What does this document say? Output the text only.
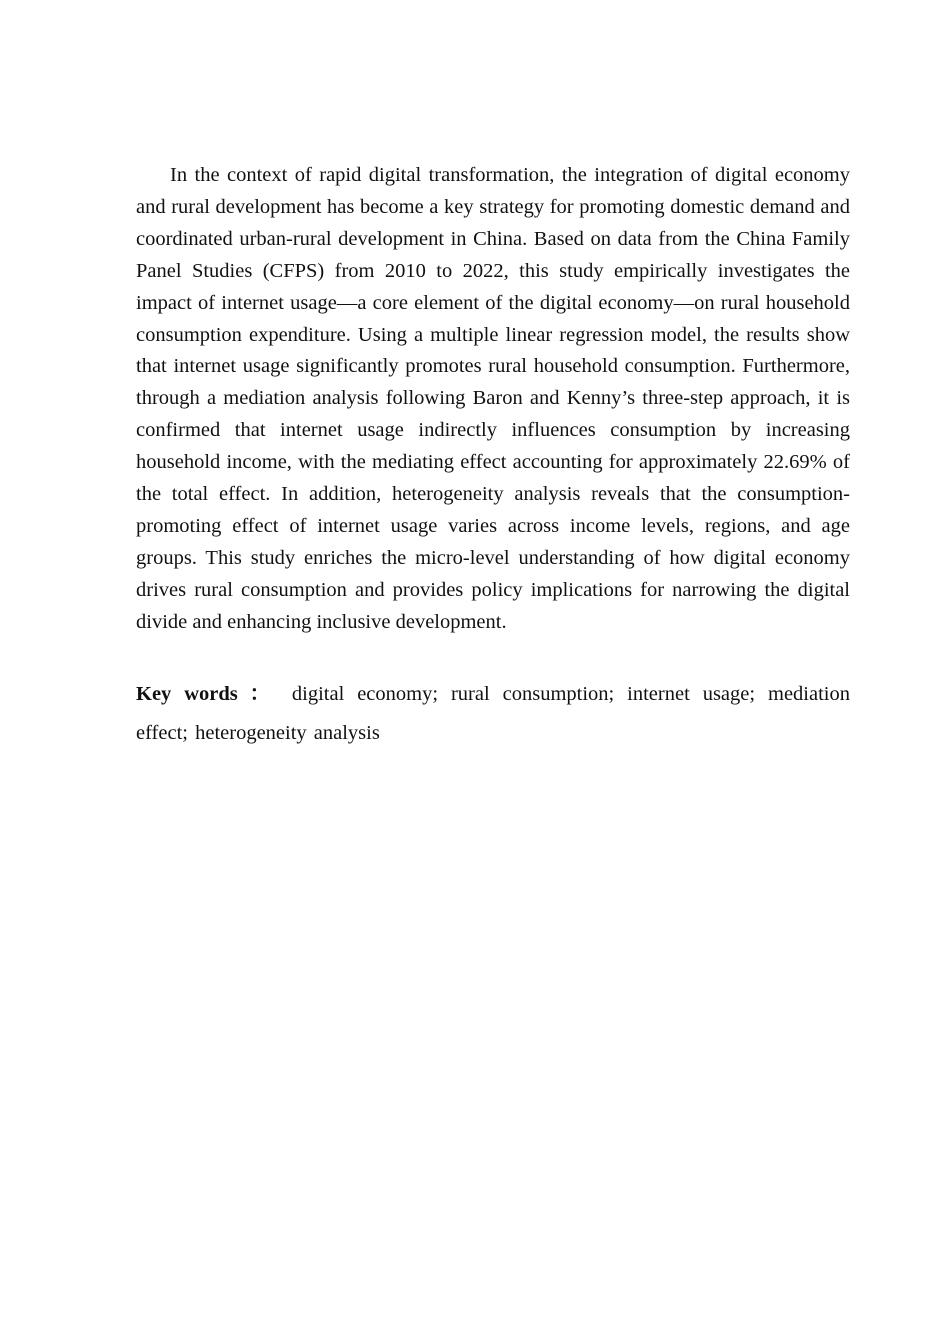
In the context of rapid digital transformation, the integration of digital economy and rural development has become a key strategy for promoting domestic demand and coordinated urban-rural development in China. Based on data from the China Family Panel Studies (CFPS) from 2010 to 2022, this study empirically investigates the impact of internet usage—a core element of the digital economy—on rural household consumption expenditure. Using a multiple linear regression model, the results show that internet usage significantly promotes rural household consumption. Furthermore, through a mediation analysis following Baron and Kenny’s three-step approach, it is confirmed that internet usage indirectly influences consumption by increasing household income, with the mediating effect accounting for approximately 22.69% of the total effect. In addition, heterogeneity analysis reveals that the consumption-promoting effect of internet usage varies across income levels, regions, and age groups. This study enriches the micro-level understanding of how digital economy drives rural consumption and provides policy implications for narrowing the digital divide and enhancing inclusive development.

Key words ： digital economy; rural consumption; internet usage; mediation effect; heterogeneity analysis
